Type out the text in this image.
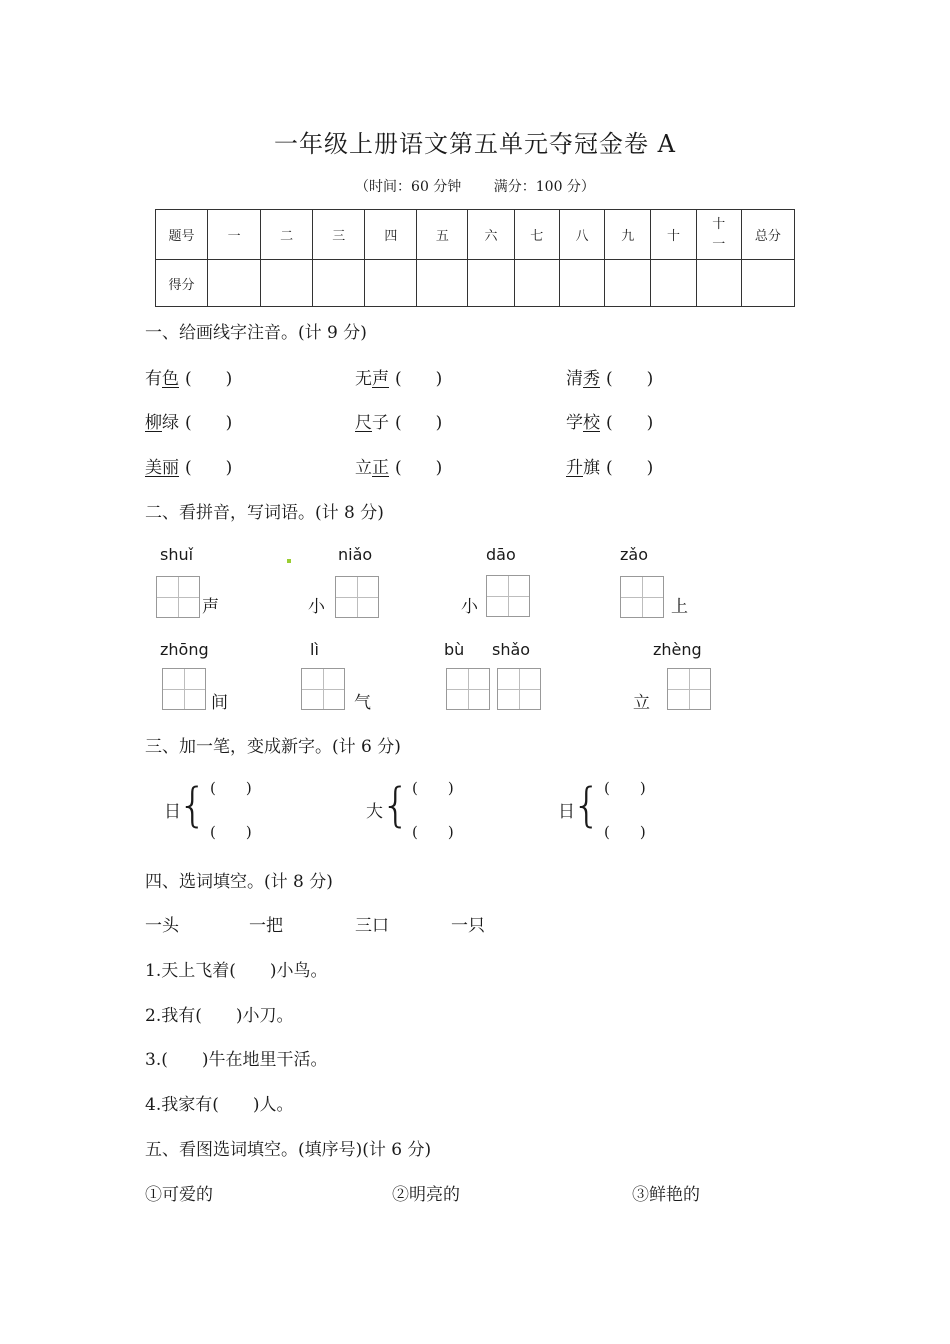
一年级上册语文第五单元夺冠金卷 A
（时间：60 分钟 满分：100 分）
题号	一	二	三	四	五	六	七	八	九	十	十一	总分
得分												
一、给画线字注音。(计 9 分)
有色 (　　)	无声 (　　)	清秀 (　　)
柳绿 (　　)	尺子 (　　)	学校 (　　)
美丽 (　　)	立正 (　　)	升旗 (　　)
二、看拼音，写词语。(计 8 分)
shuǐ	niǎo	dāo	zǎo
声	小	小	上
zhōng	lì	bù shǎo	zhèng
间	气	立
三、加一笔，变成新字。(计 6 分)
日
{ (　　)
(　　)
大
{ (　　)
(　　)
日
{ (　　)
(　　)
四、选词填空。(计 8 分)
一头	一把	三口	一只
1.天上飞着(　　)小鸟。
2.我有(　　)小刀。
3.(　　)牛在地里干活。
4.我家有(　　)人。
五、看图选词填空。(填序号)(计 6 分)
①可爱的	②明亮的	③鲜艳的
